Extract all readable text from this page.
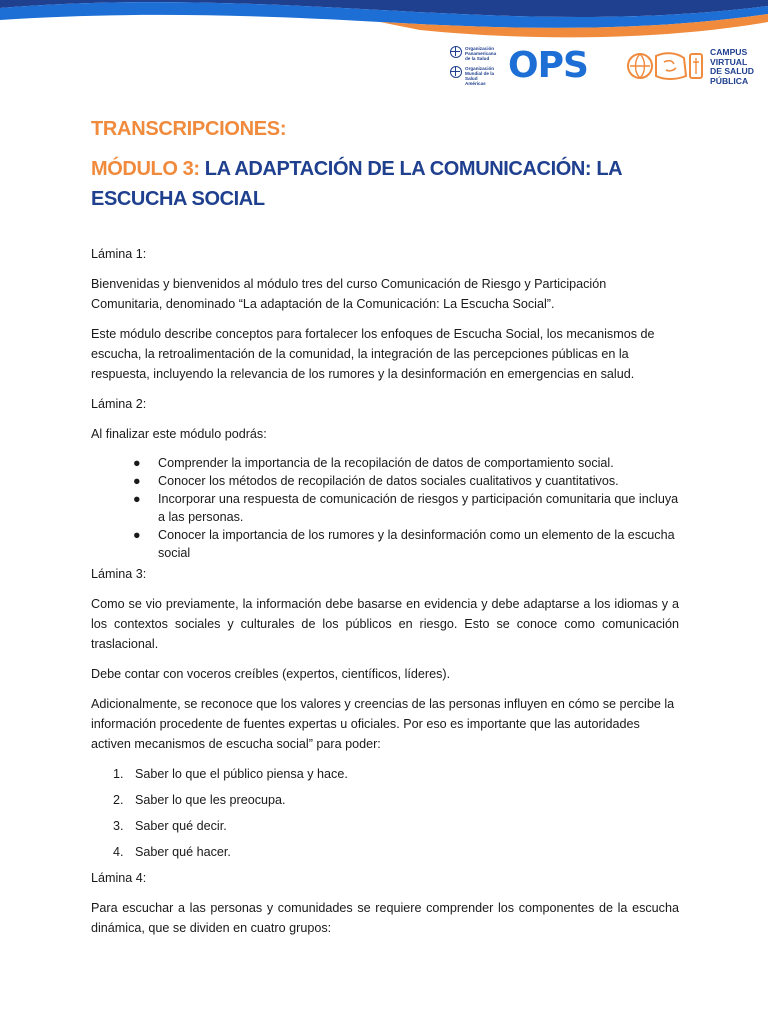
Organización
Panamericana
de la Salud
Organización
Mundial de la Salud
Américas OPS	CAMPUS
VIRTUAL
DE SALUD
PÚBLICA
TRANSCRIPCIONES:
MÓDULO 3: LA ADAPTACIÓN DE LA COMUNICACIÓN: LA ESCUCHA SOCIAL

Lámina 1:

Bienvenidas y bienvenidos al módulo tres del curso Comunicación de Riesgo y Participación Comunitaria, denominado “La adaptación de la Comunicación: La Escucha Social”.

Este módulo describe conceptos para fortalecer los enfoques de Escucha Social, los mecanismos de escucha, la retroalimentación de la comunidad, la integración de las percepciones públicas en la respuesta, incluyendo la relevancia de los rumores y la desinformación en emergencias en salud.

Lámina 2:

Al finalizar este módulo podrás:

● Comprender la importancia de la recopilación de datos de comportamiento social.
● Conocer los métodos de recopilación de datos sociales cualitativos y cuantitativos.
● Incorporar una respuesta de comunicación de riesgos y participación comunitaria que incluya a las personas.
● Conocer la importancia de los rumores y la desinformación como un elemento de la escucha social

Lámina 3:

Como se vio previamente, la información debe basarse en evidencia y debe adaptarse a los idiomas y a los contextos sociales y culturales de los públicos en riesgo. Esto se conoce como comunicación traslacional.

Debe contar con voceros creíbles (expertos, científicos, líderes).

Adicionalmente, se reconoce que los valores y creencias de las personas influyen en cómo se percibe la información procedente de fuentes expertas u oficiales. Por eso es importante que las autoridades activen mecanismos de escucha social” para poder:

1. Saber lo que el público piensa y hace.
2. Saber lo que les preocupa.
3. Saber qué decir.
4. Saber qué hacer.

Lámina 4:

Para escuchar a las personas y comunidades se requiere comprender los componentes de la escucha dinámica, que se dividen en cuatro grupos:
